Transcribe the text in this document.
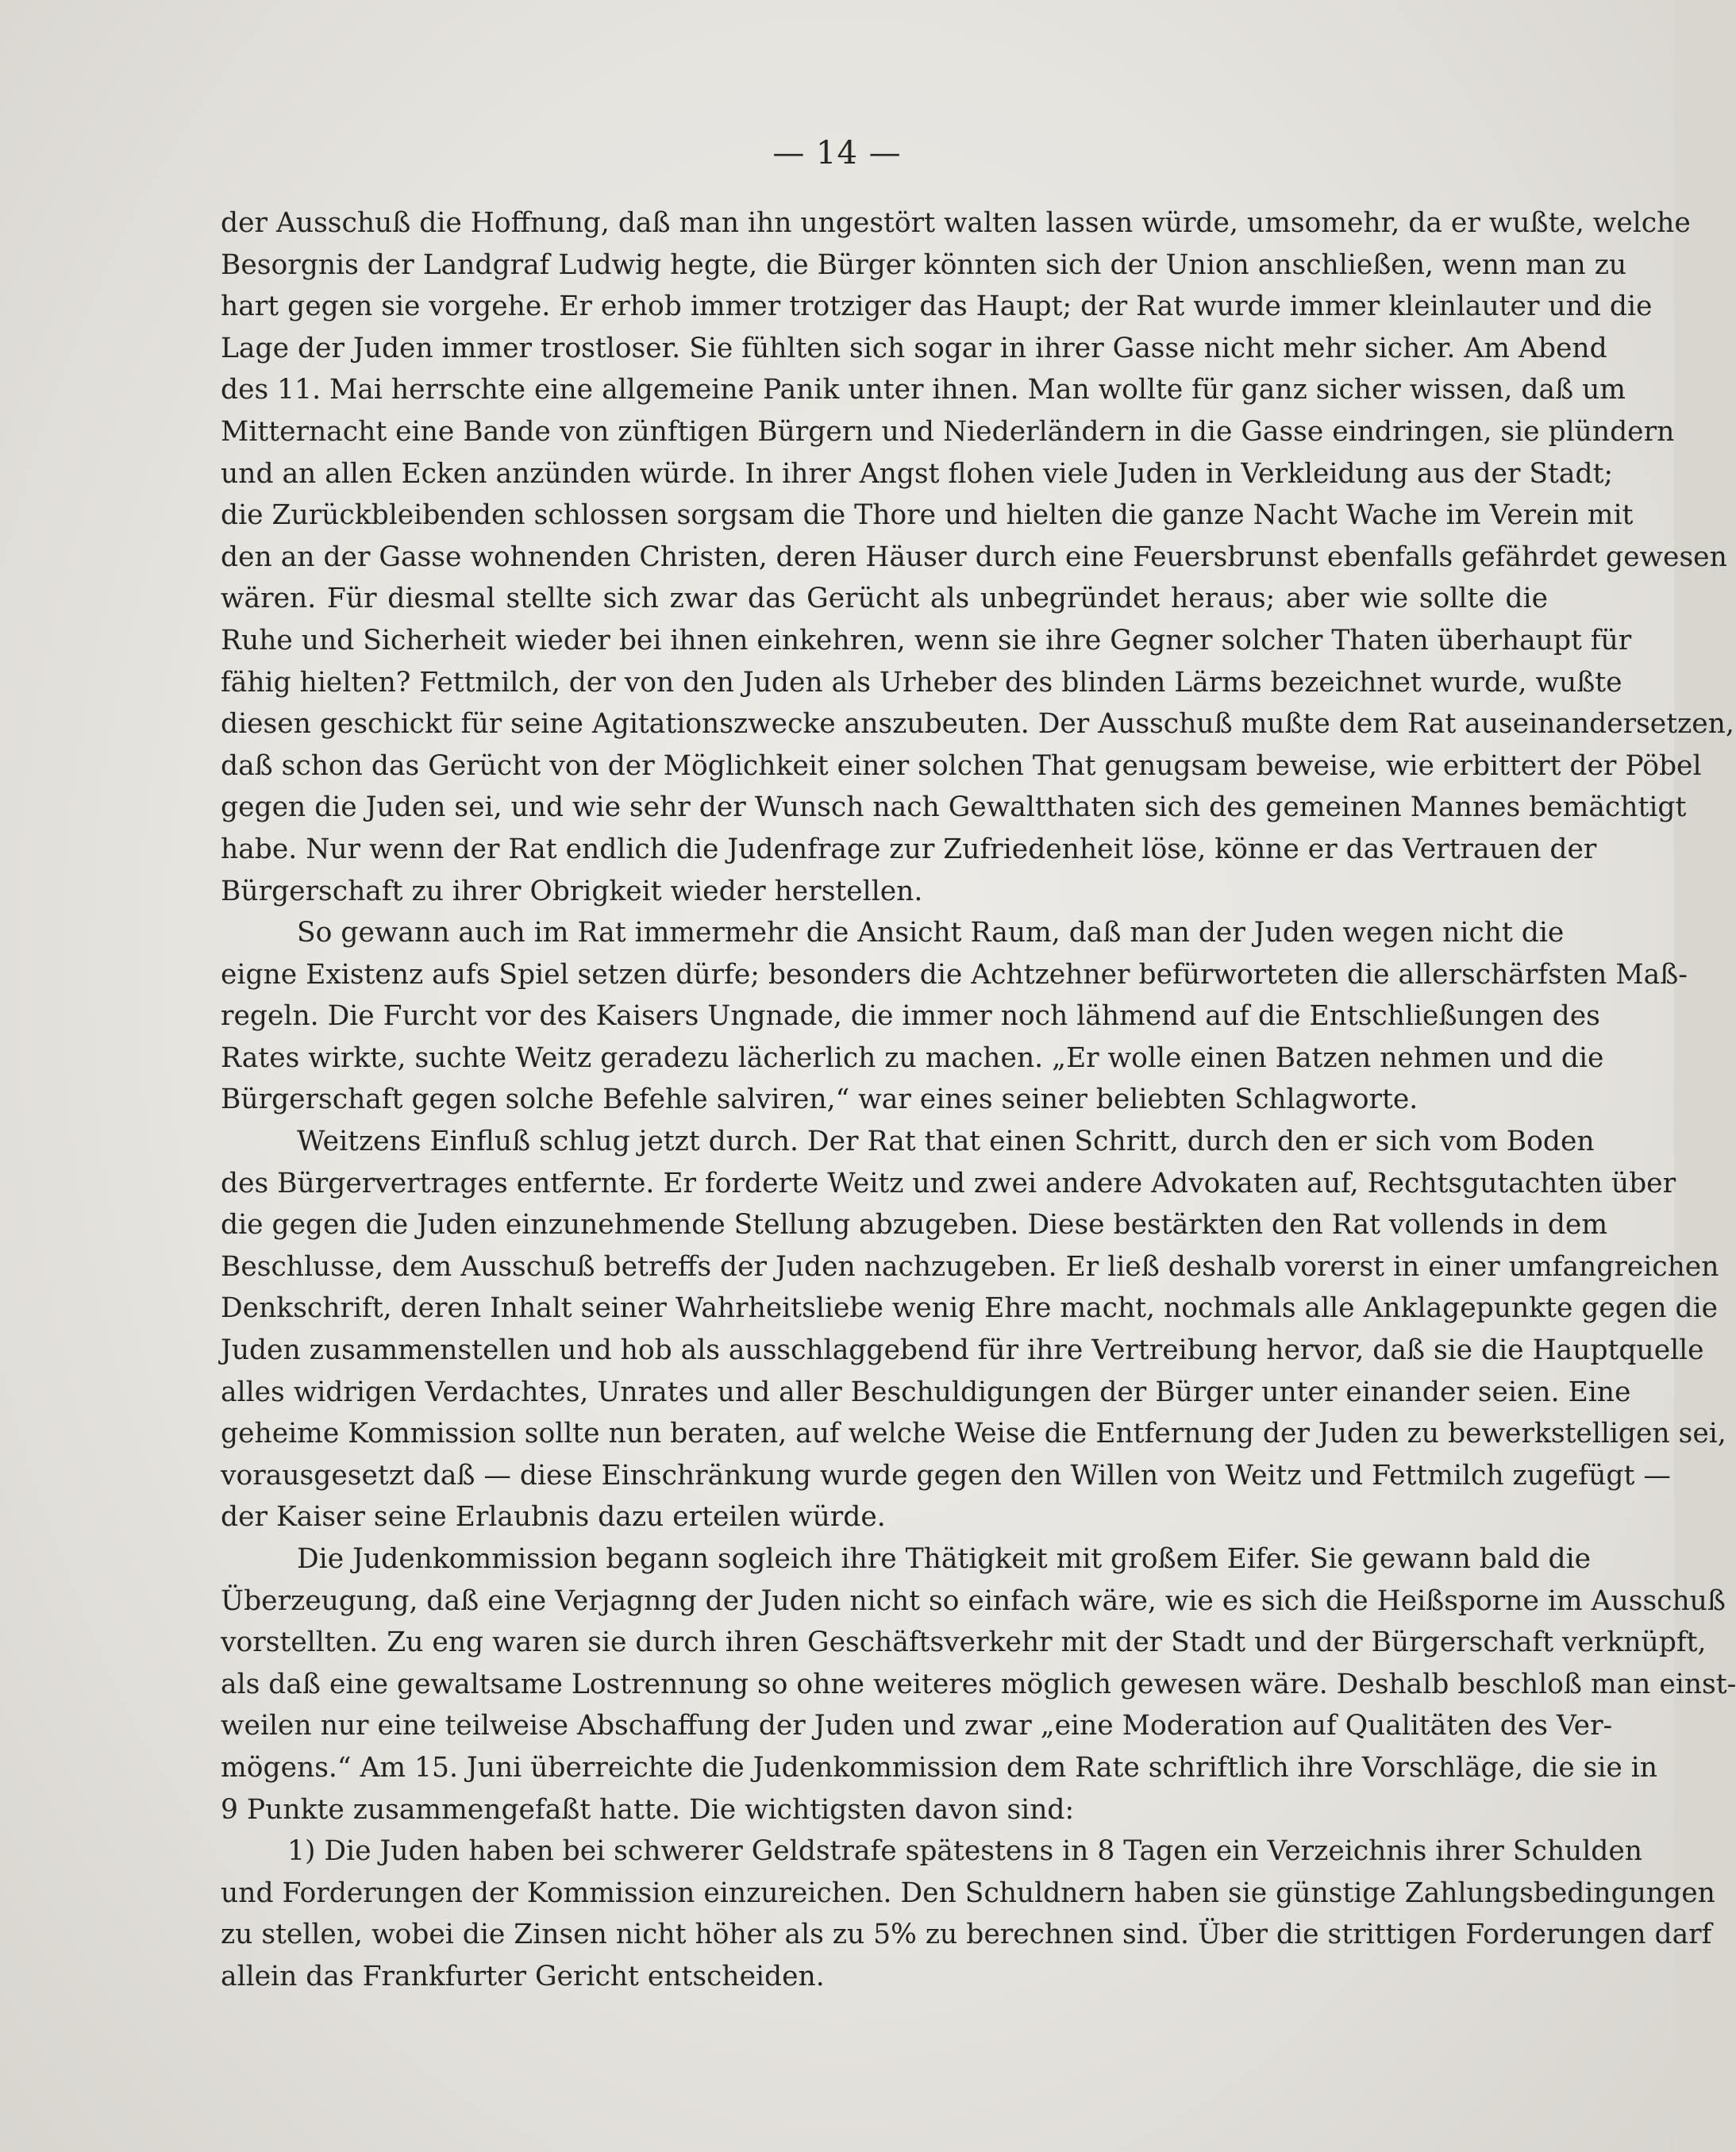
— 14 —
der Ausschuß die Hoffnung, daß man ihn ungestört walten lassen würde, umsomehr, da er wußte, welche
Besorgnis der Landgraf Ludwig hegte, die Bürger könnten sich der Union anschließen, wenn man zu
hart gegen sie vorgehe. Er erhob immer trotziger das Haupt; der Rat wurde immer kleinlauter und die
Lage der Juden immer trostloser. Sie fühlten sich sogar in ihrer Gasse nicht mehr sicher. Am Abend
des 11. Mai herrschte eine allgemeine Panik unter ihnen. Man wollte für ganz sicher wissen, daß um
Mitternacht eine Bande von zünftigen Bürgern und Niederländern in die Gasse eindringen, sie plündern
und an allen Ecken anzünden würde. In ihrer Angst flohen viele Juden in Verkleidung aus der Stadt;
die Zurückbleibenden schlossen sorgsam die Thore und hielten die ganze Nacht Wache im Verein mit
den an der Gasse wohnenden Christen, deren Häuser durch eine Feuersbrunst ebenfalls gefährdet gewesen
wären. Für diesmal stellte sich zwar das Gerücht als unbegründet heraus; aber wie sollte die
Ruhe und Sicherheit wieder bei ihnen einkehren, wenn sie ihre Gegner solcher Thaten überhaupt für
fähig hielten? Fettmilch, der von den Juden als Urheber des blinden Lärms bezeichnet wurde, wußte
diesen geschickt für seine Agitationszwecke anszubeuten. Der Ausschuß mußte dem Rat auseinandersetzen,
daß schon das Gerücht von der Möglichkeit einer solchen That genugsam beweise, wie erbittert der Pöbel
gegen die Juden sei, und wie sehr der Wunsch nach Gewaltthaten sich des gemeinen Mannes bemächtigt
habe. Nur wenn der Rat endlich die Judenfrage zur Zufriedenheit löse, könne er das Vertrauen der
Bürgerschaft zu ihrer Obrigkeit wieder herstellen.
So gewann auch im Rat immermehr die Ansicht Raum, daß man der Juden wegen nicht die
eigne Existenz aufs Spiel setzen dürfe; besonders die Achtzehner befürworteten die allerschärfsten Maß-
regeln. Die Furcht vor des Kaisers Ungnade, die immer noch lähmend auf die Entschließungen des
Rates wirkte, suchte Weitz geradezu lächerlich zu machen. „Er wolle einen Batzen nehmen und die
Bürgerschaft gegen solche Befehle salviren,“ war eines seiner beliebten Schlagworte.
Weitzens Einfluß schlug jetzt durch. Der Rat that einen Schritt, durch den er sich vom Boden
des Bürgervertrages entfernte. Er forderte Weitz und zwei andere Advokaten auf, Rechtsgutachten über
die gegen die Juden einzunehmende Stellung abzugeben. Diese bestärkten den Rat vollends in dem
Beschlusse, dem Ausschuß betreffs der Juden nachzugeben. Er ließ deshalb vorerst in einer umfangreichen
Denkschrift, deren Inhalt seiner Wahrheitsliebe wenig Ehre macht, nochmals alle Anklagepunkte gegen die
Juden zusammenstellen und hob als ausschlaggebend für ihre Vertreibung hervor, daß sie die Hauptquelle
alles widrigen Verdachtes, Unrates und aller Beschuldigungen der Bürger unter einander seien. Eine
geheime Kommission sollte nun beraten, auf welche Weise die Entfernung der Juden zu bewerkstelligen sei,
vorausgesetzt daß — diese Einschränkung wurde gegen den Willen von Weitz und Fettmilch zugefügt —
der Kaiser seine Erlaubnis dazu erteilen würde.
Die Judenkommission begann sogleich ihre Thätigkeit mit großem Eifer. Sie gewann bald die
Überzeugung, daß eine Verjagnng der Juden nicht so einfach wäre, wie es sich die Heißsporne im Ausschuß
vorstellten. Zu eng waren sie durch ihren Geschäftsverkehr mit der Stadt und der Bürgerschaft verknüpft,
als daß eine gewaltsame Lostrennung so ohne weiteres möglich gewesen wäre. Deshalb beschloß man einst-
weilen nur eine teilweise Abschaffung der Juden und zwar „eine Moderation auf Qualitäten des Ver-
mögens.“ Am 15. Juni überreichte die Judenkommission dem Rate schriftlich ihre Vorschläge, die sie in
9 Punkte zusammengefaßt hatte. Die wichtigsten davon sind:
1) Die Juden haben bei schwerer Geldstrafe spätestens in 8 Tagen ein Verzeichnis ihrer Schulden
und Forderungen der Kommission einzureichen. Den Schuldnern haben sie günstige Zahlungsbedingungen
zu stellen, wobei die Zinsen nicht höher als zu 5% zu berechnen sind. Über die strittigen Forderungen darf
allein das Frankfurter Gericht entscheiden.
